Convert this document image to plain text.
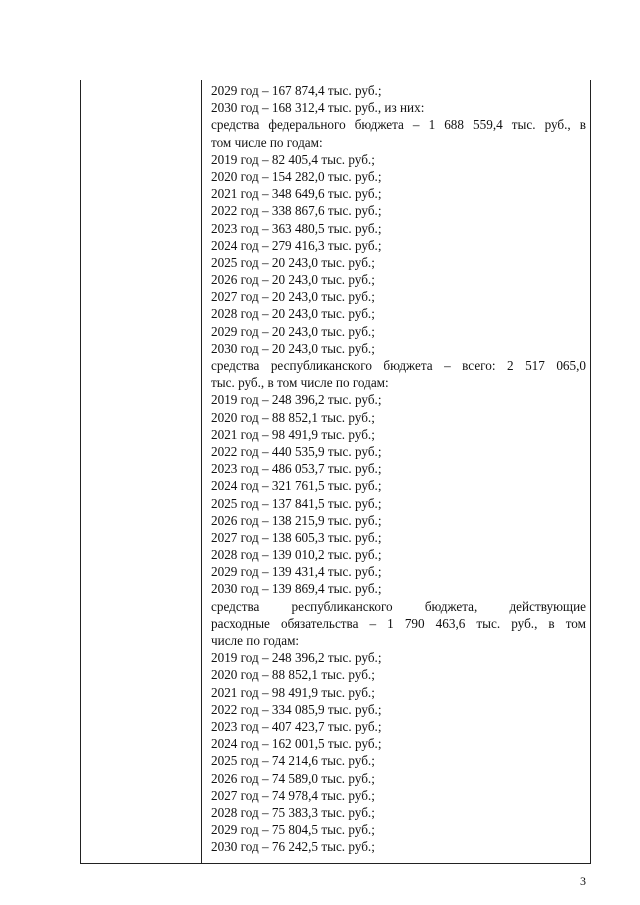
2029 год – 167 874,4 тыс. руб.;
2030 год – 168 312,4 тыс. руб., из них:
средства федерального бюджета – 1 688 559,4 тыс. руб., в
том числе по годам:
2019 год – 82 405,4 тыс. руб.;
2020 год – 154 282,0 тыс. руб.;
2021 год – 348 649,6 тыс. руб.;
2022 год – 338 867,6 тыс. руб.;
2023 год – 363 480,5 тыс. руб.;
2024 год – 279 416,3 тыс. руб.;
2025 год – 20 243,0 тыс. руб.;
2026 год – 20 243,0 тыс. руб.;
2027 год – 20 243,0 тыс. руб.;
2028 год – 20 243,0 тыс. руб.;
2029 год – 20 243,0 тыс. руб.;
2030 год – 20 243,0 тыс. руб.;
средства республиканского бюджета – всего: 2 517 065,0
тыс. руб., в том числе по годам:
2019 год – 248 396,2 тыс. руб.;
2020 год – 88 852,1 тыс. руб.;
2021 год – 98 491,9 тыс. руб.;
2022 год – 440 535,9 тыс. руб.;
2023 год – 486 053,7 тыс. руб.;
2024 год – 321 761,5 тыс. руб.;
2025 год – 137 841,5 тыс. руб.;
2026 год – 138 215,9 тыс. руб.;
2027 год – 138 605,3 тыс. руб.;
2028 год – 139 010,2 тыс. руб.;
2029 год – 139 431,4 тыс. руб.;
2030 год – 139 869,4 тыс. руб.;
средства республиканского бюджета, действующие
расходные обязательства – 1 790 463,6 тыс. руб., в том
числе по годам:
2019 год – 248 396,2 тыс. руб.;
2020 год – 88 852,1 тыс. руб.;
2021 год – 98 491,9 тыс. руб.;
2022 год – 334 085,9 тыс. руб.;
2023 год – 407 423,7 тыс. руб.;
2024 год – 162 001,5 тыс. руб.;
2025 год – 74 214,6 тыс. руб.;
2026 год – 74 589,0 тыс. руб.;
2027 год – 74 978,4 тыс. руб.;
2028 год – 75 383,3 тыс. руб.;
2029 год – 75 804,5 тыс. руб.;
2030 год – 76 242,5 тыс. руб.;
3
